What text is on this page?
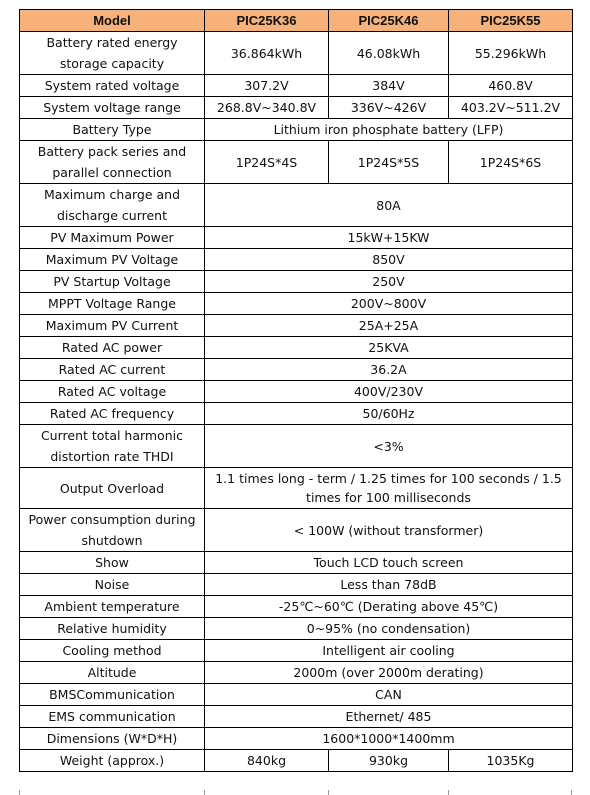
Model	PIC25K36	PIC25K46	PIC25K55
Battery rated energy storage capacity	36.864kWh	46.08kWh	55.296kWh
System rated voltage	307.2V	384V	460.8V
System voltage range	268.8V~340.8V	336V~426V	403.2V~511.2V
Battery Type	Lithium iron phosphate battery (LFP)		
Battery pack series and parallel connection	1P24S*4S	1P24S*5S	1P24S*6S
Maximum charge and discharge current	80A		
PV Maximum Power	15kW+15KW		
Maximum PV Voltage	850V		
PV Startup Voltage	250V		
MPPT Voltage Range	200V~800V		
Maximum PV Current	25A+25A		
Rated AC power	25KVA		
Rated AC current	36.2A		
Rated AC voltage	400V/230V		
Rated AC frequency	50/60Hz		
Current total harmonic distortion rate THDI	<3%		
Output Overload	1.1 times long - term / 1.25 times for 100 seconds / 1.5 times for 100 milliseconds		
Power consumption during shutdown	< 100W (without transformer)		
Show	Touch LCD touch screen		
Noise	Less than 78dB		
Ambient temperature	-25℃~60℃ (Derating above 45℃)		
Relative humidity	0~95% (no condensation)		
Cooling method	Intelligent air cooling		
Altitude	2000m (over 2000m derating)		
BMSCommunication	CAN		
EMS communication	Ethernet/ 485		
Dimensions (W*D*H)	1600*1000*1400mm		
Weight (approx.)	840kg	930kg	1035Kg
